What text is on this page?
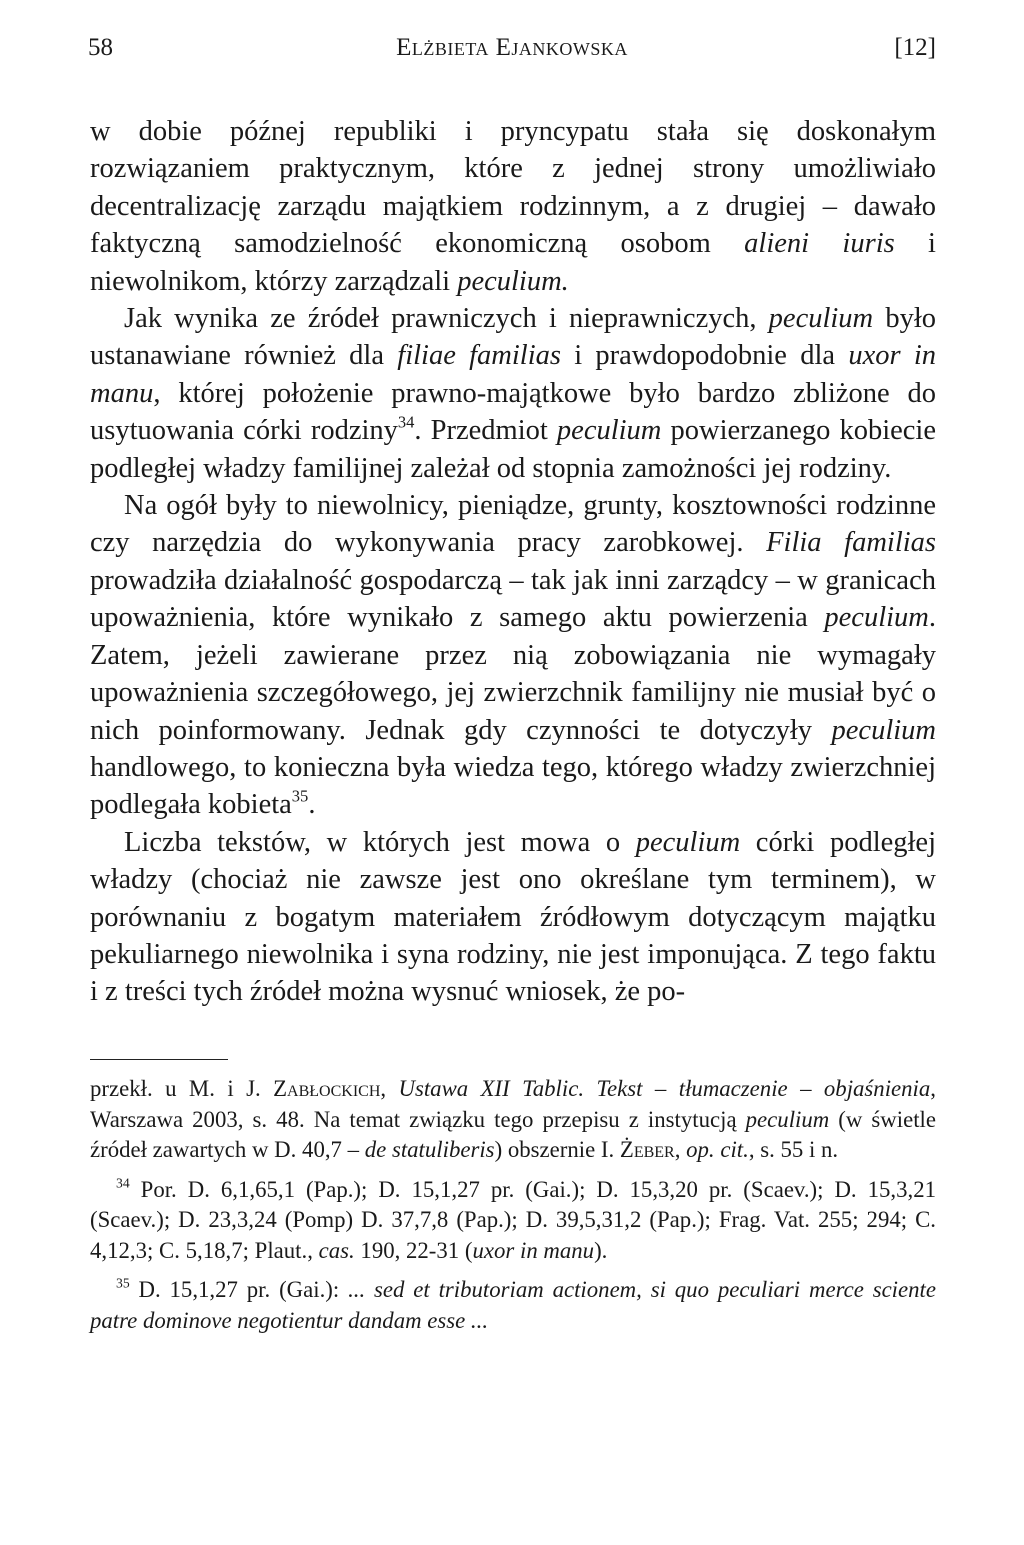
58	Elżbieta Ejankowska	[12]

w dobie późnej republiki i pryncypatu stała się doskonałym rozwiązaniem praktycznym, które z jednej strony umożliwiało decentralizację zarządu majątkiem rodzinnym, a z drugiej – dawało faktyczną samodzielność ekonomiczną osobom alieni iuris i niewolnikom, którzy zarządzali peculium.

Jak wynika ze źródeł prawniczych i nieprawniczych, peculium było ustanawiane również dla filiae familias i prawdopodobnie dla uxor in manu, której położenie prawno-majątkowe było bardzo zbliżone do usytuowania córki rodziny$^{34}$. Przedmiot peculium powierzanego kobiecie podległej władzy familijnej zależał od stopnia zamożności jej rodziny.

Na ogół były to niewolnicy, pieniądze, grunty, kosztowności rodzinne czy narzędzia do wykonywania pracy zarobkowej. Filia familias prowadziła działalność gospodarczą – tak jak inni zarządcy – w granicach upoważnienia, które wynikało z samego aktu powierzenia peculium. Zatem, jeżeli zawierane przez nią zobowiązania nie wymagały upoważnienia szczegółowego, jej zwierzchnik familijny nie musiał być o nich poinformowany. Jednak gdy czynności te dotyczyły peculium handlowego, to konieczna była wiedza tego, którego władzy zwierzchniej podlegała kobieta$^{35}$.

Liczba tekstów, w których jest mowa o peculium córki podległej władzy (chociaż nie zawsze jest ono określane tym terminem), w porównaniu z bogatym materiałem źródłowym dotyczącym majątku pekuliarnego niewolnika i syna rodziny, nie jest imponująca. Z tego faktu i z treści tych źródeł można wysnuć wniosek, że po-

przekł. u M. i J. Zabłockich, Ustawa XII Tablic. Tekst – tłumaczenie – objaśnienia, Warszawa 2003, s. 48. Na temat związku tego przepisu z instytucją peculium (w świetle źródeł zawartych w D. 40,7 – de statuliberis) obszernie I. Żeber, op. cit., s. 55 i n.

$^{34}$ Por. D. 6,1,65,1 (Pap.); D. 15,1,27 pr. (Gai.); D. 15,3,20 pr. (Scaev.); D. 15,3,21 (Scaev.); D. 23,3,24 (Pomp) D. 37,7,8 (Pap.); D. 39,5,31,2 (Pap.); Frag. Vat. 255; 294; C. 4,12,3; C. 5,18,7; Plaut., cas. 190, 22-31 (uxor in manu).

$^{35}$ D. 15,1,27 pr. (Gai.): ... sed et tributoriam actionem, si quo peculiari merce sciente patre dominove negotientur dandam esse ...
